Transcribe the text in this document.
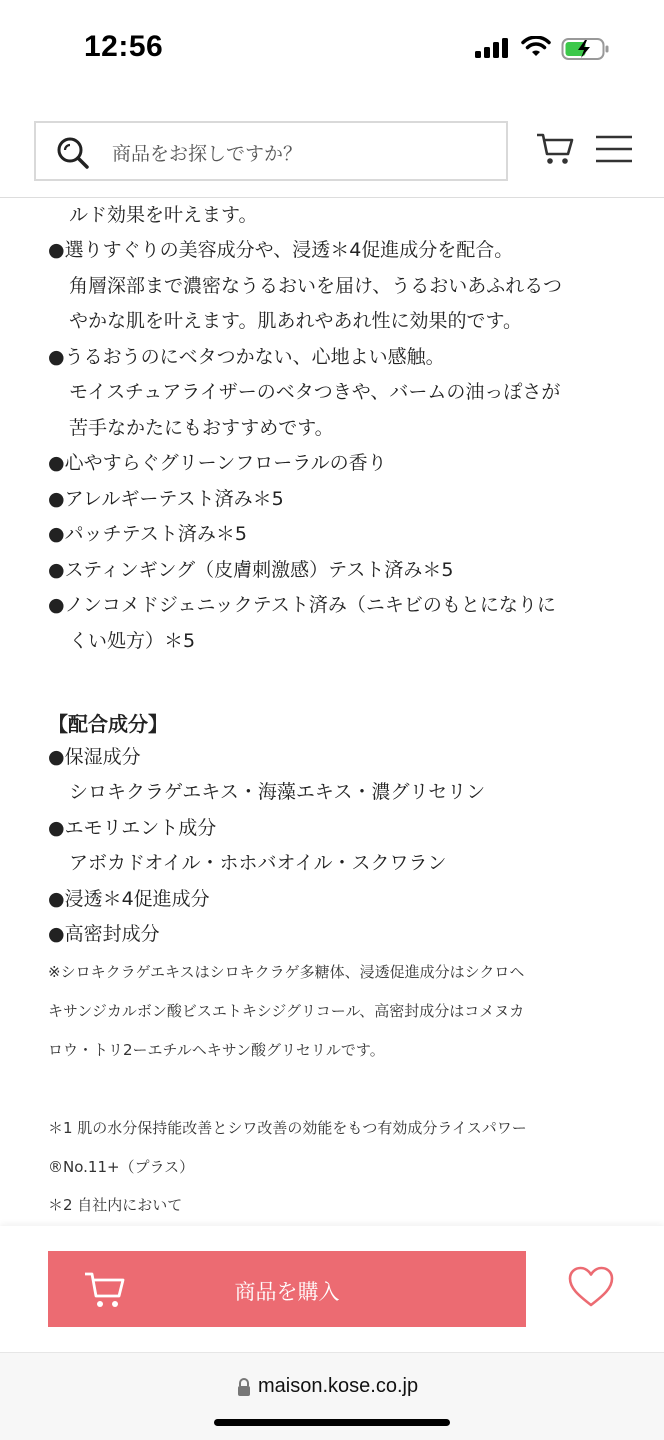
12:56
商品をお探しですか？
ルド効果を叶えます。
●選りすぐりの美容成分や、浸透＊4促進成分を配合。
角層深部まで濃密なうるおいを届け、うるおいあふれるつ
やかな肌を叶えます。肌あれやあれ性に効果的です。
●うるおうのにベタつかない、心地よい感触。
モイスチュアライザーのベタつきや、バームの油っぽさが
苦手なかたにもおすすめです。
●心やすらぐグリーンフローラルの香り
●アレルギーテスト済み＊5
●パッチテスト済み＊5
●スティンギング（皮膚刺激感）テスト済み＊5
●ノンコメドジェニックテスト済み（ニキビのもとになりに
くい処方）＊5
【配合成分】
●保湿成分
シロキクラゲエキス・海藻エキス・濃グリセリン
●エモリエント成分
アボカドオイル・ホホバオイル・スクワラン
●浸透＊4促進成分
●高密封成分
※シロキクラゲエキスはシロキクラゲ多糖体、浸透促進成分はシクロヘ
キサンジカルボン酸ビスエトキシジグリコール、高密封成分はコメヌカ
ロウ・トリ2ーエチルヘキサン酸グリセリルです。
＊1 肌の水分保持能改善とシワ改善の効能をもつ有効成分ライスパワー
®No.11+（プラス）
＊2 自社内において
商品を購入
maison.kose.co.jp
